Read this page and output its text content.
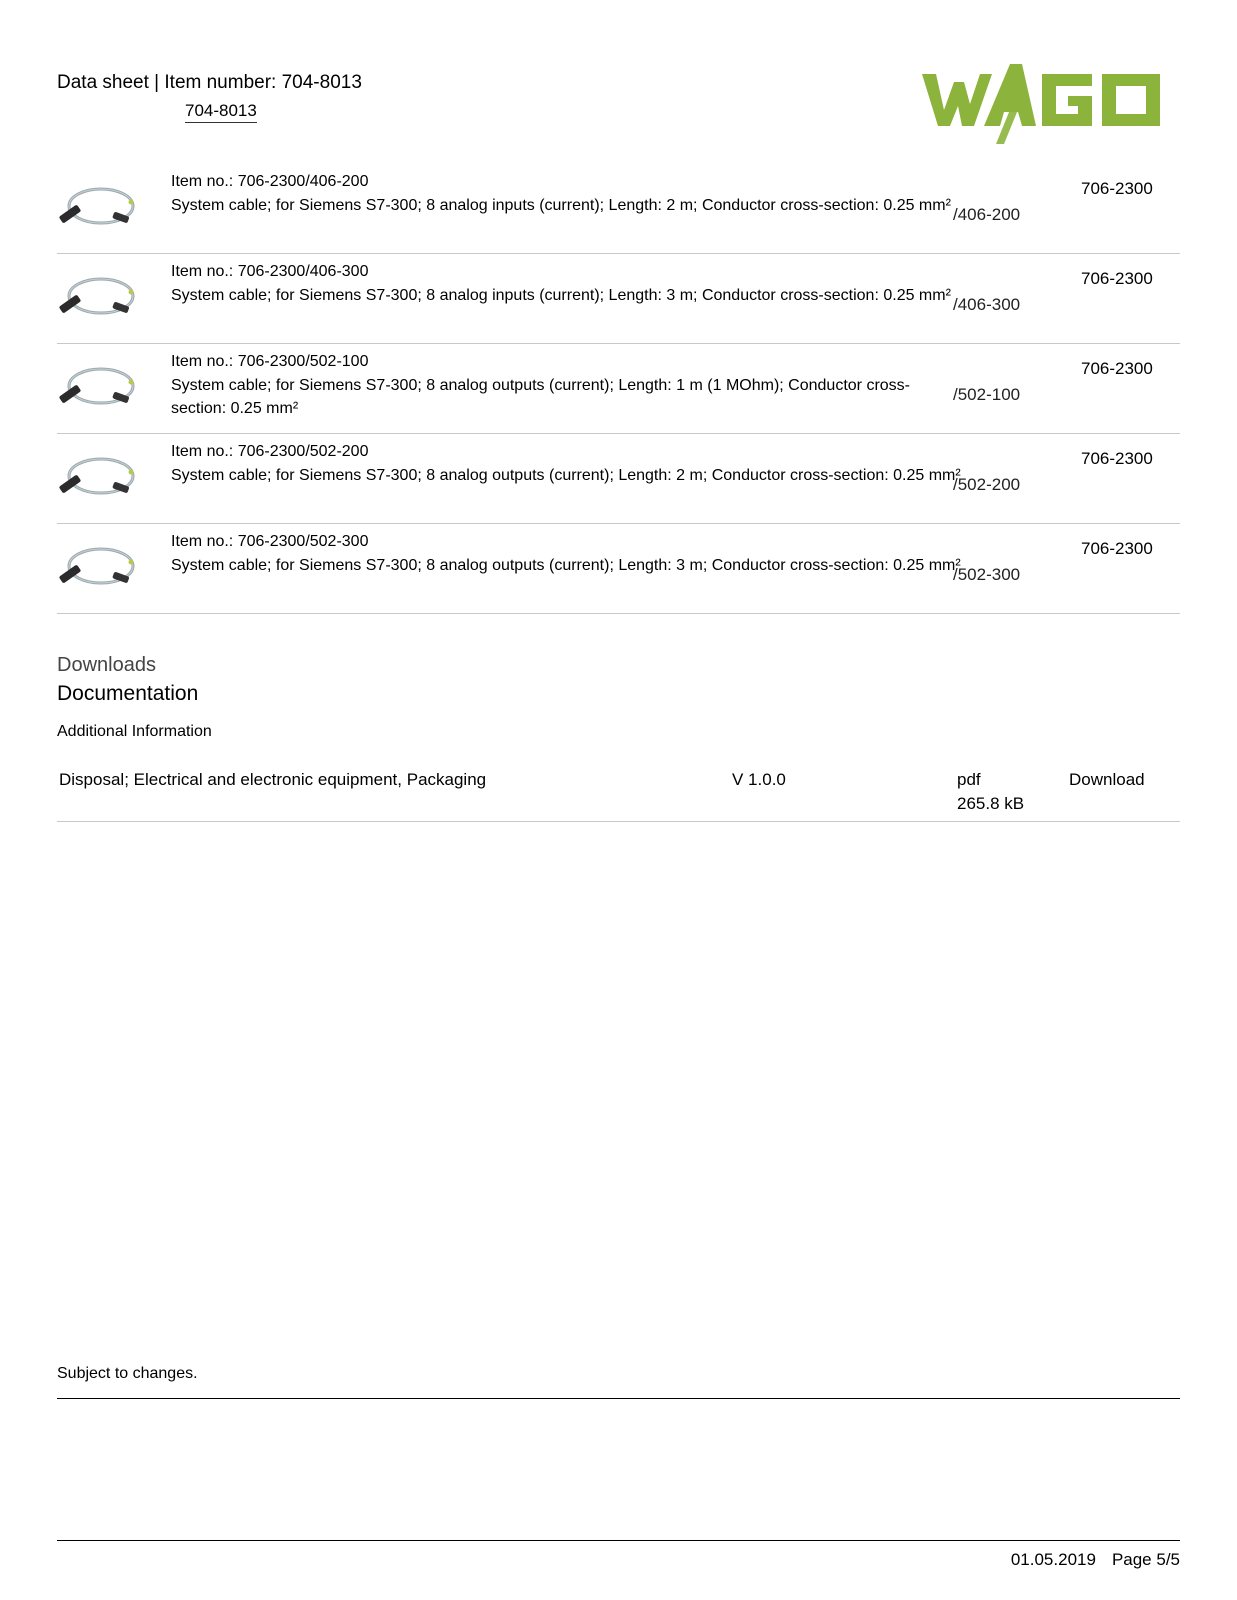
Data sheet | Item number: 704-8013
704-8013
Item no.: 706-2300/406-200
System cable; for Siemens S7-300; 8 analog inputs (current); Length: 2 m; Conductor cross-section: 0.25 mm² /406-200
706-2300
Item no.: 706-2300/406-300
System cable; for Siemens S7-300; 8 analog inputs (current); Length: 3 m; Conductor cross-section: 0.25 mm² /406-300
706-2300
Item no.: 706-2300/502-100
System cable; for Siemens S7-300; 8 analog outputs (current); Length: 1 m (1 MOhm); Conductor cross-section: 0.25 mm²
/502-100
706-2300
Item no.: 706-2300/502-200
System cable; for Siemens S7-300; 8 analog outputs (current); Length: 2 m; Conductor cross-section: 0.25 mm²
/502-200
706-2300
Item no.: 706-2300/502-300
System cable; for Siemens S7-300; 8 analog outputs (current); Length: 3 m; Conductor cross-section: 0.25 mm²
/502-300
706-2300
Downloads
Documentation
Additional Information
Disposal; Electrical and electronic equipment, Packaging	V 1.0.0	pdf
265.8 kB
Download
Subject to changes.
01.05.2019 Page 5/5
